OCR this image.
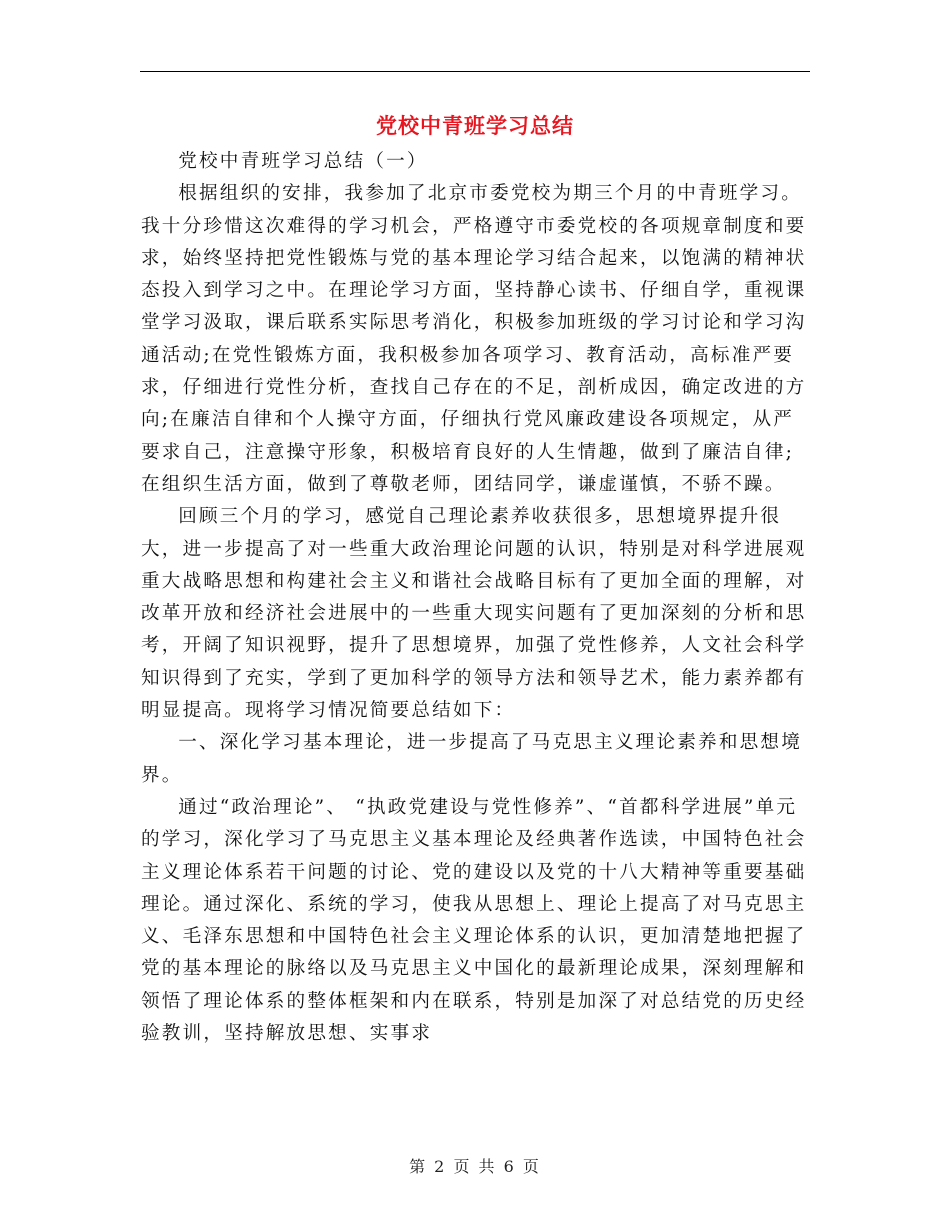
党校中青班学习总结

党校中青班学习总结（一）

根据组织的安排，我参加了北京市委党校为期三个月的中青班学习。我十分珍惜这次难得的学习机会，严格遵守市委党校的各项规章制度和要求，始终坚持把党性锻炼与党的基本理论学习结合起来，以饱满的精神状态投入到学习之中。在理论学习方面，坚持静心读书、仔细自学，重视课堂学习汲取，课后联系实际思考消化，积极参加班级的学习讨论和学习沟通活动;在党性锻炼方面，我积极参加各项学习、教育活动，高标准严要求，仔细进行党性分析，查找自己存在的不足，剖析成因，确定改进的方向;在廉洁自律和个人操守方面，仔细执行党风廉政建设各项规定，从严要求自己，注意操守形象，积极培育良好的人生情趣，做到了廉洁自律;在组织生活方面，做到了尊敬老师，团结同学，谦虚谨慎，不骄不躁。

回顾三个月的学习，感觉自己理论素养收获很多，思想境界提升很大，进一步提高了对一些重大政治理论问题的认识，特别是对科学进展观重大战略思想和构建社会主义和谐社会战略目标有了更加全面的理解，对改革开放和经济社会进展中的一些重大现实问题有了更加深刻的分析和思考，开阔了知识视野，提升了思想境界，加强了党性修养，人文社会科学知识得到了充实，学到了更加科学的领导方法和领导艺术，能力素养都有明显提高。现将学习情况简要总结如下：

一、深化学习基本理论，进一步提高了马克思主义理论素养和思想境界。

通过“政治理论”、 “执政党建设与党性修养”、“首都科学进展”单元的学习，深化学习了马克思主义基本理论及经典著作选读，中国特色社会主义理论体系若干问题的讨论、党的建设以及党的十八大精神等重要基础理论。通过深化、系统的学习，使我从思想上、理论上提高了对马克思主义、毛泽东思想和中国特色社会主义理论体系的认识，更加清楚地把握了党的基本理论的脉络以及马克思主义中国化的最新理论成果，深刻理解和领悟了理论体系的整体框架和内在联系，特别是加深了对总结党的历史经验教训，坚持解放思想、实事求

第 2 页 共 6 页
